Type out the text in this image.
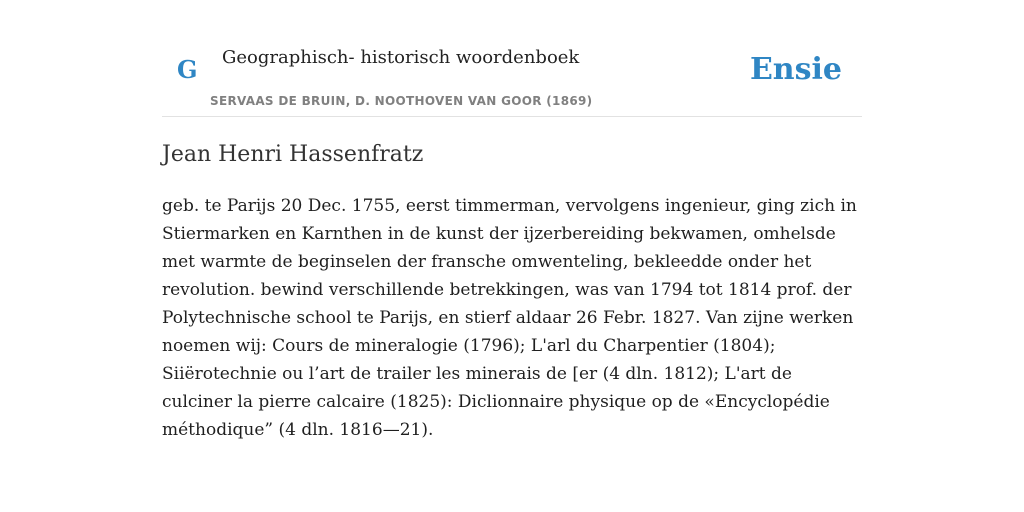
G Geographisch- historisch woordenboek
SERVAAS DE BRUIN, D. NOOTHOVEN VAN GOOR (1869)
Ensie
Jean Henri Hassenfratz

geb. te Parijs 20 Dec. 1755, eerst timmerman, vervolgens ingenieur, ging zich in Stiermarken en Karnthen in de kunst der ijzerbereiding bekwamen, omhelsde met warmte de beginselen der fransche omwenteling, bekleedde onder het revolution. bewind verschillende betrekkingen, was van 1794 tot 1814 prof. der Polytechnische school te Parijs, en stierf aldaar 26 Febr. 1827. Van zijne werken noemen wij: Cours de mineralogie (1796); L'arl du Charpentier (1804); Siiërotechnie ou l’art de trailer les minerais de [er (4 dln. 1812); L'art de culciner la pierre calcaire (1825): Diclionnaire physique op de «Encyclopédie méthodique” (4 dln. 1816—21).
